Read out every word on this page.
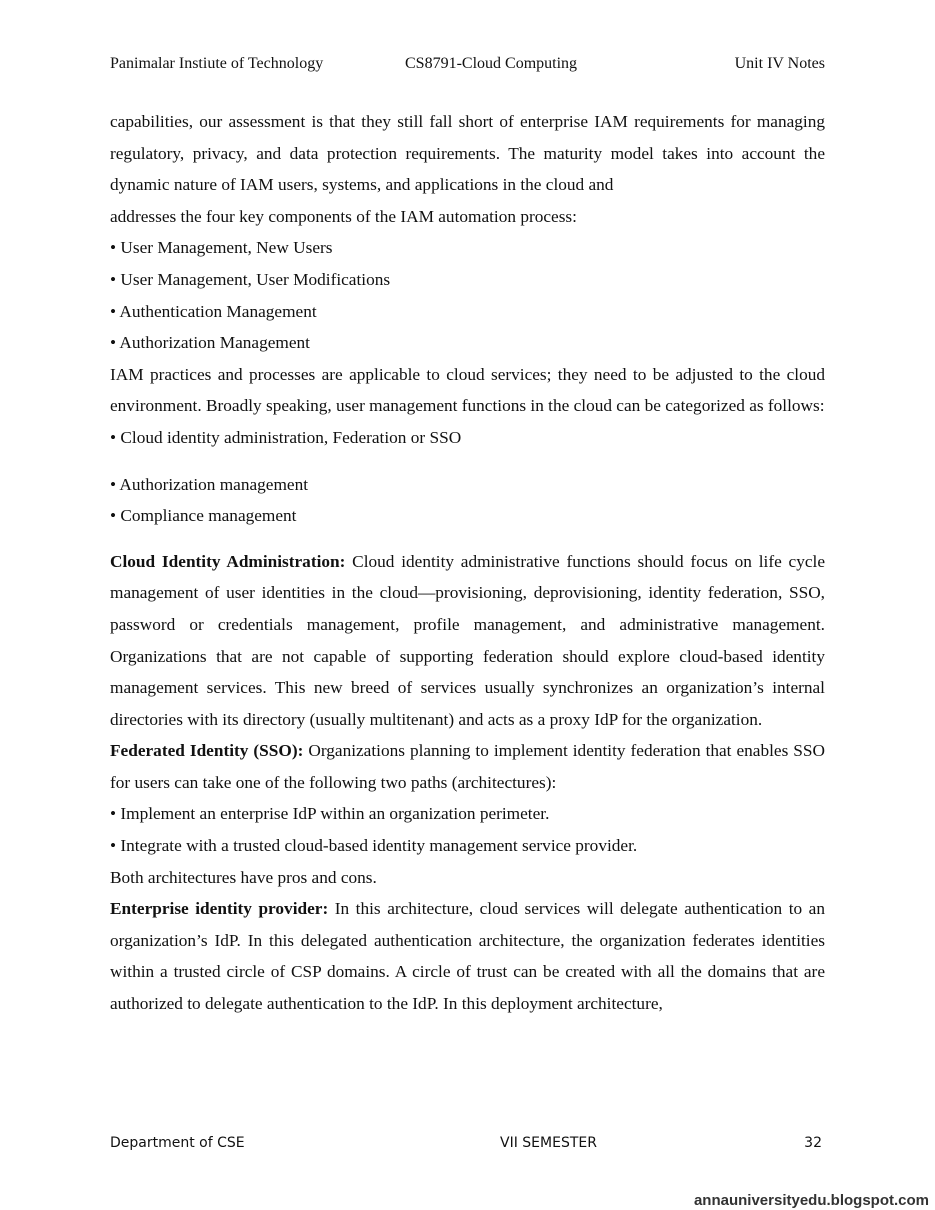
Panimalar Instiute of Technology	CS8791-Cloud Computing	Unit IV Notes

capabilities, our assessment is that they still fall short of enterprise IAM requirements for managing regulatory, privacy, and data protection requirements. The maturity model takes into account the dynamic nature of IAM users, systems, and applications in the cloud and

addresses the four key components of the IAM automation process:

• User Management, New Users

• User Management, User Modifications

• Authentication Management

• Authorization Management

IAM practices and processes are applicable to cloud services; they need to be adjusted to the cloud environment. Broadly speaking, user management functions in the cloud can be categorized as follows:

• Cloud identity administration, Federation or SSO

• Authorization management

• Compliance management

Cloud Identity Administration: Cloud identity administrative functions should focus on life cycle management of user identities in the cloud—provisioning, deprovisioning, identity federation, SSO, password or credentials management, profile management, and administrative management. Organizations that are not capable of supporting federation should explore cloud-based identity management services. This new breed of services usually synchronizes an organization’s internal directories with its directory (usually multitenant) and acts as a proxy IdP for the organization.

Federated Identity (SSO): Organizations planning to implement identity federation that enables SSO for users can take one of the following two paths (architectures):

• Implement an enterprise IdP within an organization perimeter.

• Integrate with a trusted cloud-based identity management service provider.

Both architectures have pros and cons.

Enterprise identity provider: In this architecture, cloud services will delegate authentication to an organization’s IdP. In this delegated authentication architecture, the organization federates identities within a trusted circle of CSP domains. A circle of trust can be created with all the domains that are authorized to delegate authentication to the IdP. In this deployment architecture,

Department of CSE	VII SEMESTER	32
annauniversityedu.blogspot.com
